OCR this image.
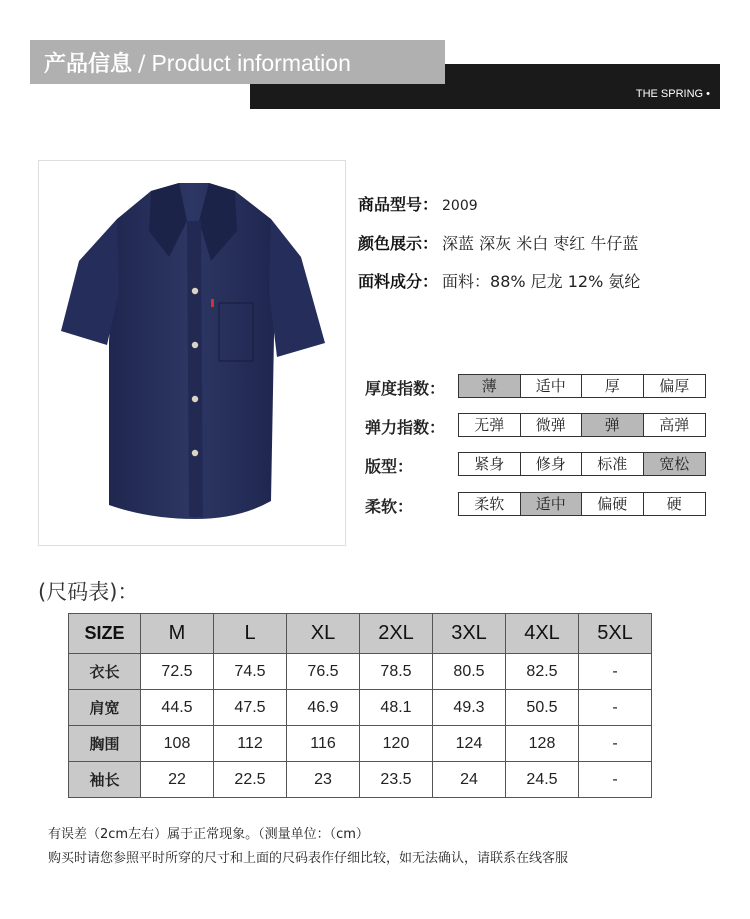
产品信息 / Product information
THE SPRING •
商品型号： 2009
颜色展示： 深蓝 深灰 米白 枣红 牛仔蓝
面料成分： 面料：88% 尼龙 12% 氨纶
厚度指数：	薄	适中	厚	偏厚
弹力指数：	无弹	微弹	弹	高弹
版型：	紧身	修身	标准	宽松
柔软：	柔软	适中	偏硬	硬
(尺码表)：
SIZE	M	L	XL	2XL	3XL	4XL	5XL
衣长	72.5	74.5	76.5	78.5	80.5	82.5	-
肩宽	44.5	47.5	46.9	48.1	49.3	50.5	-
胸围	108	112	116	120	124	128	-
袖长	22	22.5	23	23.5	24	24.5	-
有误差（2cm左右）属于正常现象。（测量单位：（cm）
购买时请您参照平时所穿的尺寸和上面的尺码表作仔细比较，如无法确认，请联系在线客服
